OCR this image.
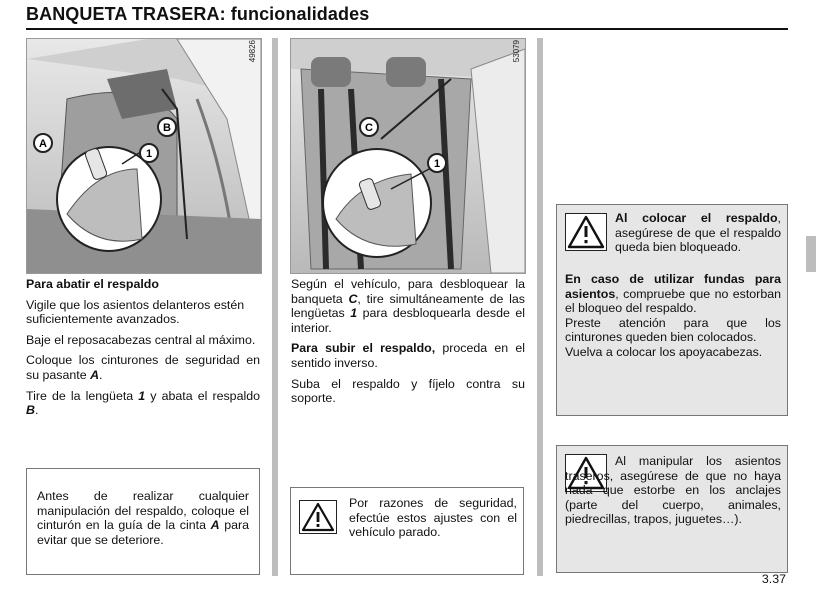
BANQUETA TRASERA: funcionalidades
A
B
1
49826
C
1
53079

Para abatir el respaldo

Vigile que los asientos delanteros estén suficientemente avanzados.

Baje el reposacabezas central al máximo.

Coloque los cinturones de seguridad en su pasante A.

Tire de la lengüeta 1 y abata el respaldo B.

Antes de realizar cualquier manipulación del respaldo, coloque el cinturón en la guía de la cinta A para evitar que se deteriore.

Según el vehículo, para desbloquear la banqueta C, tire simultáneamente de las lengüetas 1 para desbloquearla desde el interior.

Para subir el respaldo, proceda en el sentido inverso.

Suba el respaldo y fíjelo contra su soporte.

Por razones de seguridad, efectúe estos ajustes con el vehículo parado.
Al colocar el respaldo, asegúrese de que el respaldo queda bien bloqueado.
En caso de utilizar fundas para asientos, compruebe que no estorban el bloqueo del respaldo.
Preste atención para que los cinturones queden bien colocados.
Vuelva a colocar los apoyacabezas.
Al manipular los asientos traseros, asegúrese de que no haya nada que estorbe en los anclajes (parte del cuerpo, animales, piedrecillas, trapos, juguetes…).
3.37
